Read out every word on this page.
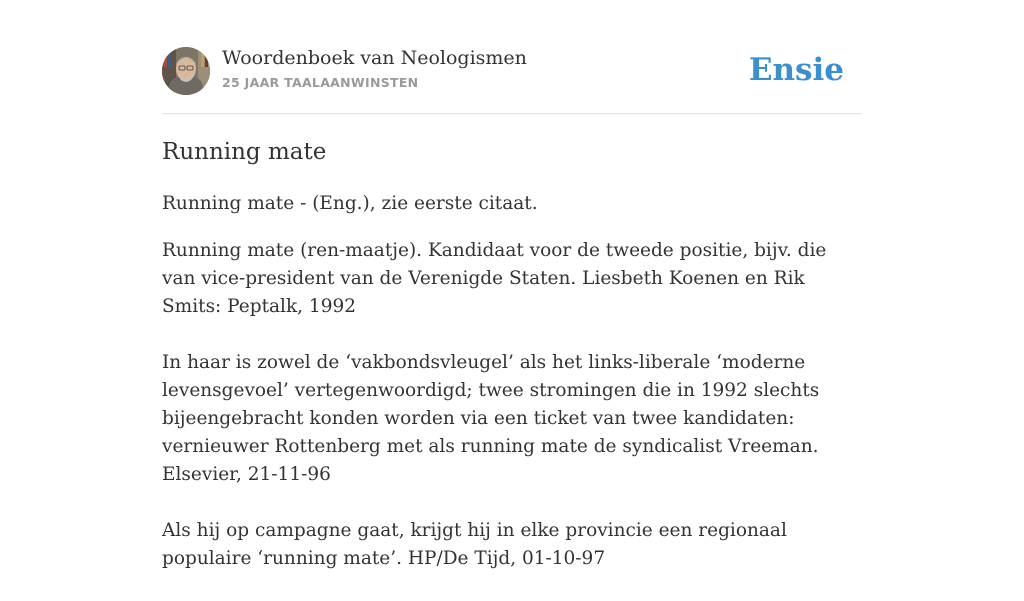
Woordenboek van Neologismen
25 JAAR TAALAANWINSTEN	Ensie
Running mate

Running mate - (Eng.), zie eerste citaat.

Running mate (ren-maatje). Kandidaat voor de tweede positie, bijv. die van vice-president van de Verenigde Staten. Liesbeth Koenen en Rik Smits: Peptalk, 1992

In haar is zowel de ‘vakbondsvleugel’ als het links-liberale ‘moderne levensgevoel’ vertegenwoordigd; twee stromingen die in 1992 slechts bijeengebracht konden worden via een ticket van twee kandidaten: vernieuwer Rottenberg met als running mate de syndicalist Vreeman. Elsevier, 21-11-96

Als hij op campagne gaat, krijgt hij in elke provincie een regionaal populaire ‘running mate’. HP/De Tijd, 01-10-97
